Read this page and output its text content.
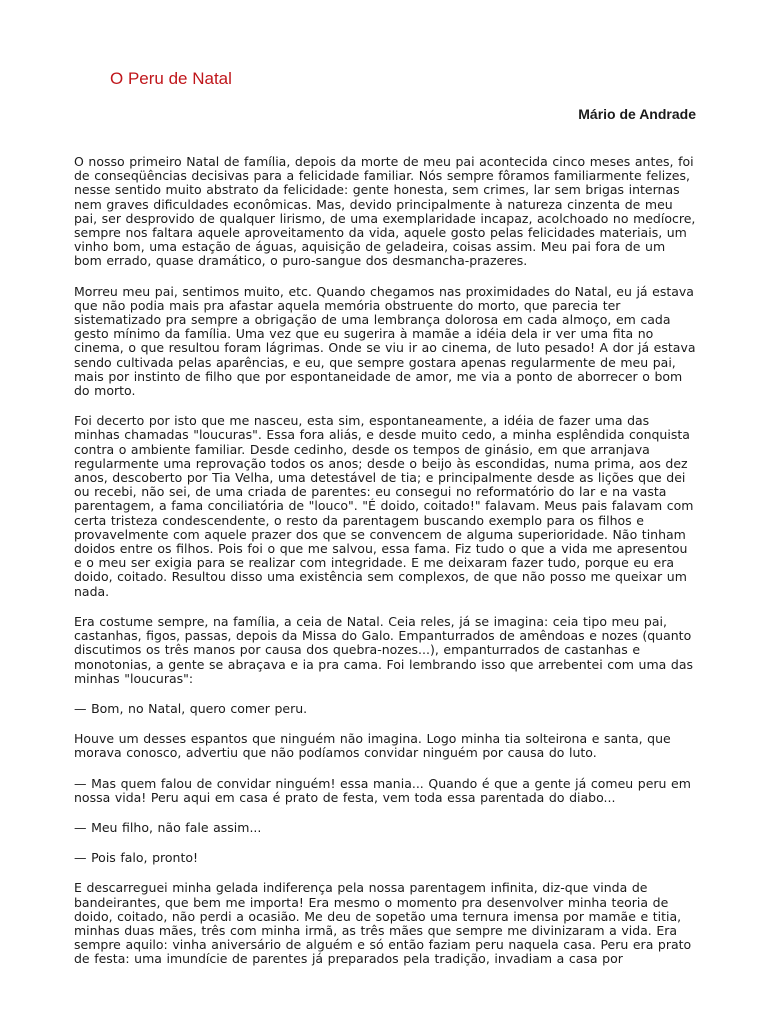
O Peru de Natal
Mário de Andrade

O nosso primeiro Natal de família, depois da morte de meu pai acontecida cinco meses antes, foi de conseqüências decisivas para a felicidade familiar. Nós sempre fôramos familiarmente felizes, nesse sentido muito abstrato da felicidade: gente honesta, sem crimes, lar sem brigas internas nem graves dificuldades econômicas. Mas, devido principalmente à natureza cinzenta de meu pai, ser desprovido de qualquer lirismo, de uma exemplaridade incapaz, acolchoado no medíocre, sempre nos faltara aquele aproveitamento da vida, aquele gosto pelas felicidades materiais, um vinho bom, uma estação de águas, aquisição de geladeira, coisas assim. Meu pai fora de um bom errado, quase dramático, o puro-sangue dos desmancha-prazeres.

Morreu meu pai, sentimos muito, etc. Quando chegamos nas proximidades do Natal, eu já estava que não podia mais pra afastar aquela memória obstruente do morto, que parecia ter sistematizado pra sempre a obrigação de uma lembrança dolorosa em cada almoço, em cada gesto mínimo da família. Uma vez que eu sugerira à mamãe a idéia dela ir ver uma fita no cinema, o que resultou foram lágrimas. Onde se viu ir ao cinema, de luto pesado! A dor já estava sendo cultivada pelas aparências, e eu, que sempre gostara apenas regularmente de meu pai, mais por instinto de filho que por espontaneidade de amor, me via a ponto de aborrecer o bom do morto.

Foi decerto por isto que me nasceu, esta sim, espontaneamente, a idéia de fazer uma das minhas chamadas "loucuras". Essa fora aliás, e desde muito cedo, a minha esplêndida conquista contra o ambiente familiar. Desde cedinho, desde os tempos de ginásio, em que arranjava regularmente uma reprovação todos os anos; desde o beijo às escondidas, numa prima, aos dez anos, descoberto por Tia Velha, uma detestável de tia; e principalmente desde as lições que dei ou recebi, não sei, de uma criada de parentes: eu consegui no reformatório do lar e na vasta parentagem, a fama conciliatória de "louco". "É doido, coitado!" falavam. Meus pais falavam com certa tristeza condescendente, o resto da parentagem buscando exemplo para os filhos e provavelmente com aquele prazer dos que se convencem de alguma superioridade. Não tinham doidos entre os filhos. Pois foi o que me salvou, essa fama. Fiz tudo o que a vida me apresentou e o meu ser exigia para se realizar com integridade. E me deixaram fazer tudo, porque eu era doido, coitado. Resultou disso uma existência sem complexos, de que não posso me queixar um nada.

Era costume sempre, na família, a ceia de Natal. Ceia reles, já se imagina: ceia tipo meu pai, castanhas, figos, passas, depois da Missa do Galo. Empanturrados de amêndoas e nozes (quanto discutimos os três manos por causa dos quebra-nozes...), empanturrados de castanhas e monotonias, a gente se abraçava e ia pra cama. Foi lembrando isso que arrebentei com uma das minhas "loucuras":

— Bom, no Natal, quero comer peru.

Houve um desses espantos que ninguém não imagina. Logo minha tia solteirona e santa, que morava conosco, advertiu que não podíamos convidar ninguém por causa do luto.

— Mas quem falou de convidar ninguém! essa mania... Quando é que a gente já comeu peru em nossa vida! Peru aqui em casa é prato de festa, vem toda essa parentada do diabo...

— Meu filho, não fale assim...

— Pois falo, pronto!

E descarreguei minha gelada indiferença pela nossa parentagem infinita, diz-que vinda de bandeirantes, que bem me importa! Era mesmo o momento pra desenvolver minha teoria de doido, coitado, não perdi a ocasião. Me deu de sopetão uma ternura imensa por mamãe e titia, minhas duas mães, três com minha irmã, as três mães que sempre me divinizaram a vida. Era sempre aquilo: vinha aniversário de alguém e só então faziam peru naquela casa. Peru era prato de festa: uma imundície de parentes já preparados pela tradição, invadiam a casa por
